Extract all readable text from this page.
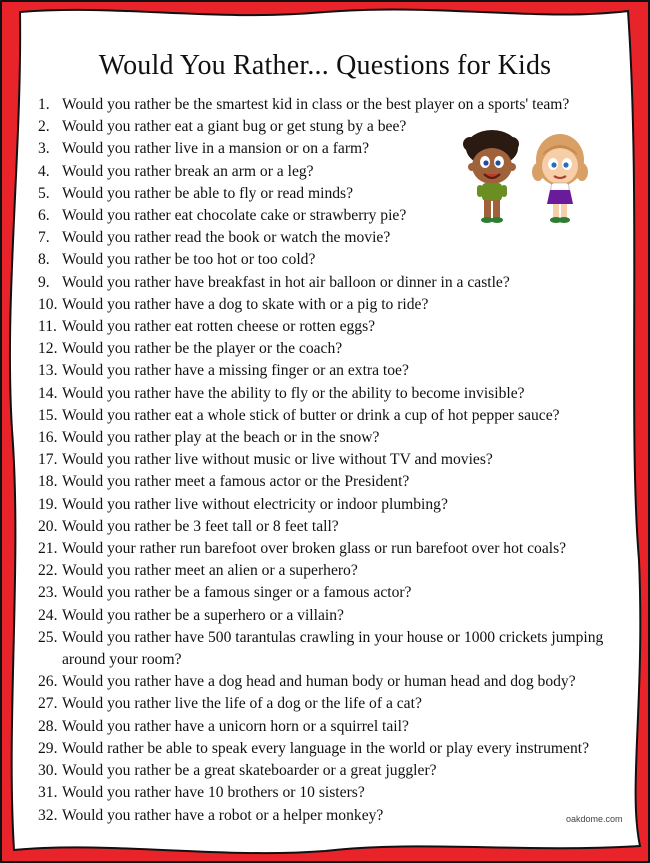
Would You Rather... Questions for Kids
1. Would you rather be the smartest kid in class or the best player on a sports' team?
2. Would you rather eat a giant bug or get stung by a bee?
3. Would you rather live in a mansion or on a farm?
4. Would you rather break an arm or a leg?
5. Would you rather be able to fly or read minds?
6. Would you rather eat chocolate cake or strawberry pie?
7. Would you rather read the book or watch the movie?
8. Would you rather be too hot or too cold?
9. Would you rather have breakfast in hot air balloon or dinner in a castle?
10. Would you rather have a dog to skate with or a pig to ride?
11. Would you rather eat rotten cheese or rotten eggs?
12. Would you rather be the player or the coach?
13. Would you rather have a missing finger or an extra toe?
14. Would you rather have the ability to fly or the ability to become invisible?
15. Would you rather eat a whole stick of butter or drink a cup of hot pepper sauce?
16. Would you rather play at the beach or in the snow?
17. Would you rather live without music or live without TV and movies?
18. Would you rather meet a famous actor or the President?
19. Would you rather live without electricity or indoor plumbing?
20. Would you rather be 3 feet tall or 8 feet tall?
21. Would your rather run barefoot over broken glass or run barefoot over hot coals?
22. Would you rather meet an alien or a superhero?
23. Would you rather be a famous singer or a famous actor?
24. Would you rather be a superhero or a villain?
25. Would you rather have 500 tarantulas crawling in your house or 1000 crickets jumping around your room?
26. Would you rather have a dog head and human body or human head and dog body?
27. Would you rather live the life of a dog or the life of a cat?
28. Would you rather have a unicorn horn or a squirrel tail?
29. Would rather be able to speak every language in the world or play every instrument?
30. Would you rather be a great skateboarder or a great juggler?
31. Would you rather have 10 brothers or 10 sisters?
32. Would you rather have a robot or a helper monkey?	oakdome.com
